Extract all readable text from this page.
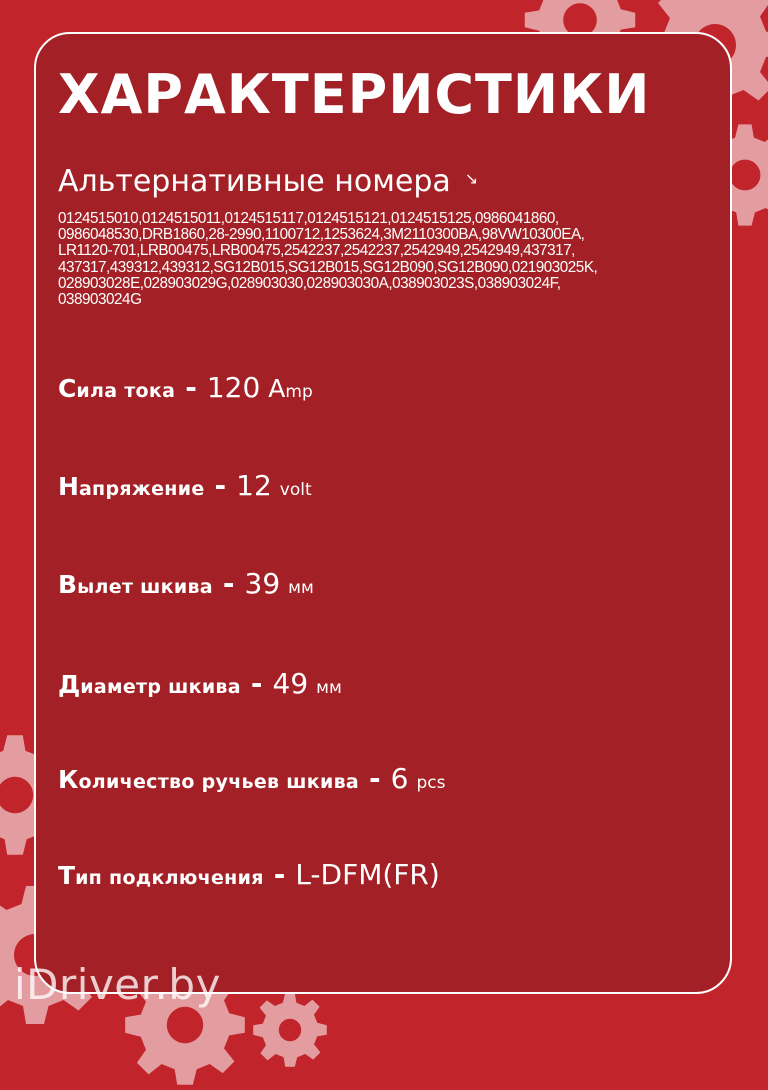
ХАРАКТЕРИСТИКИ
Альтернативные номера ↘
0124515010,0124515011,0124515117,0124515121,0124515125,0986041860,
0986048530,DRB1860,28-2990,1100712,1253624,3M2110300BA,98VW10300EA,
LR1120-701,LRB00475,LRB00475,2542237,2542237,2542949,2542949,437317,
437317,439312,439312,SG12B015,SG12B015,SG12B090,SG12B090,021903025K,
028903028E,028903029G,028903030,028903030A,038903023S,038903024F,
038903024G
С ила тока - 120 А mp
Н апряжение - 12 volt
В ылет шкива - 39 мм
Д иаметр шкива - 49 мм
К оличество ручьев шкива - 6 pcs
Т ип подключения - L-DFM(FR)
iDriver.by
